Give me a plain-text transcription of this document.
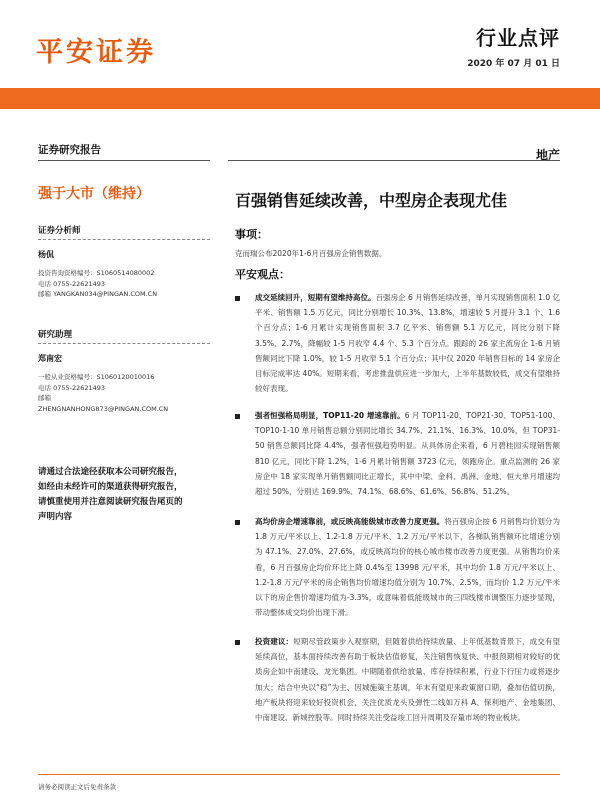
平安证券	行业点评
2020 年 07 月 01 日
证券研究报告	地产
强于大市（维持）	百强销售延续改善，中型房企表现尤佳
证券分析师
杨侃
投资咨询资格编号：S1060514080002
电话 0755-22621493
邮箱 YANGKAN034@PINGAN.COM.CN
研究助理
郑南宏
一般从业资格编号：S1060120010016
电话 0755-22621493
邮箱
ZHENGNANHONG873@PINGAN.COM.CN
请通过合法途径获取本公司研究报告，
如经由未经许可的渠道获得研究报告，
请慎重使用并注意阅读研究报告尾页的
声明内容
事项：
克而瑞公布2020年1-6月百强房企销售数据。
平安观点：
成交延续回升，短期有望维持高位。百强房企 6 月销售延续改善，单月实现销售面积 1.0 亿平米、销售额 1.5 万亿元，同比分别增长 10.3%、13.8%，增速较 5 月提升 3.1 个、1.6 个百分点；1-6 月累计实现销售面积 3.7 亿平米、销售额 5.1 万亿元，同比分别下降 3.5%、2.7%，降幅较 1-5 月收窄 4.4 个、5.3 个百分点。跟踪的 26 家主流房企 1-6 月销售额同比下降 1.0%，较 1-5 月收窄 5.1 个百分点；其中仅 2020 年销售目标的 14 家房企目标完成率达 40%。短期来看，考虑推盘供应进一步加大，上半年基数较低，成交有望维持较好表现。
强者恒强格局明显，TOP11-20 增速靠前。6 月 TOP11-20、TOP21-30、TOP51-100、TOP10-1-10 单月销售总额分别同比增长 34.7%、21.1%、16.3%、10.0%，但 TOP31-50 销售总额同比降 4.4%，强者恒强趋势明显。从具体房企来看，6 月碧桂园实现销售额 810 亿元，同比下降 1.2%，1-6 月累计销售额 3723 亿元，领跑房企。重点监测的 26 家房企中 18 家实现单月销售额同比正增长，其中中梁、金科、禹洲、金地、恒大单月增速均超过 50%，分别达 169.9%、74.1%、68.6%、61.6%、56.8%、51.2%。
高均价房企增速靠前，或反映高能级城市改善力度更强。将百强房企按 6 月销售均价划分为 1.8 万元/平米以上、1.2-1.8 万元/平米、1.2 万元/平米以下，各梯队销售额环比增速分别为 47.1%、27.0%、27.6%，或反映高均价的核心城市楼市改善力度更强。从销售均价来看，6 月百强房企均价环比上降 0.4%至 13998 元/平米，其中均价 1.8 万元/平米以上、1.2-1.8 万元/平米的房企销售均价增速均值分别为 10.7%、2.5%，而均价 1.2 万元/平米以下的房企售价增速均值为-3.3%，或意味着低能级城市的三四线楼市调整压力逐步显现，带动整体成交均价出现下滑。
投资建议：短期尽管政策步入观察期，但随着供给持续放量、上年低基数背景下，成交有望延续高位，基本面持续改善有助于板块估值修复，关注销售恢复快、中报预期相对较好的优质房企如中南建设、龙光集团。中期随着供给放量、库存持续积累，行业下行压力或将逐步加大；结合中央以“稳”为主、因城施策主基调，年末有望迎来政策窗口期，叠加估值切换，地产板块将迎来较好投资机会，关注优质龙头及弹性二线如万科 A、保利地产、金地集团、中南建设、新城控股等。同时持续关注受益竣工回升周期及存量市场的物业板块。
请务必阅读正文后免责条款
